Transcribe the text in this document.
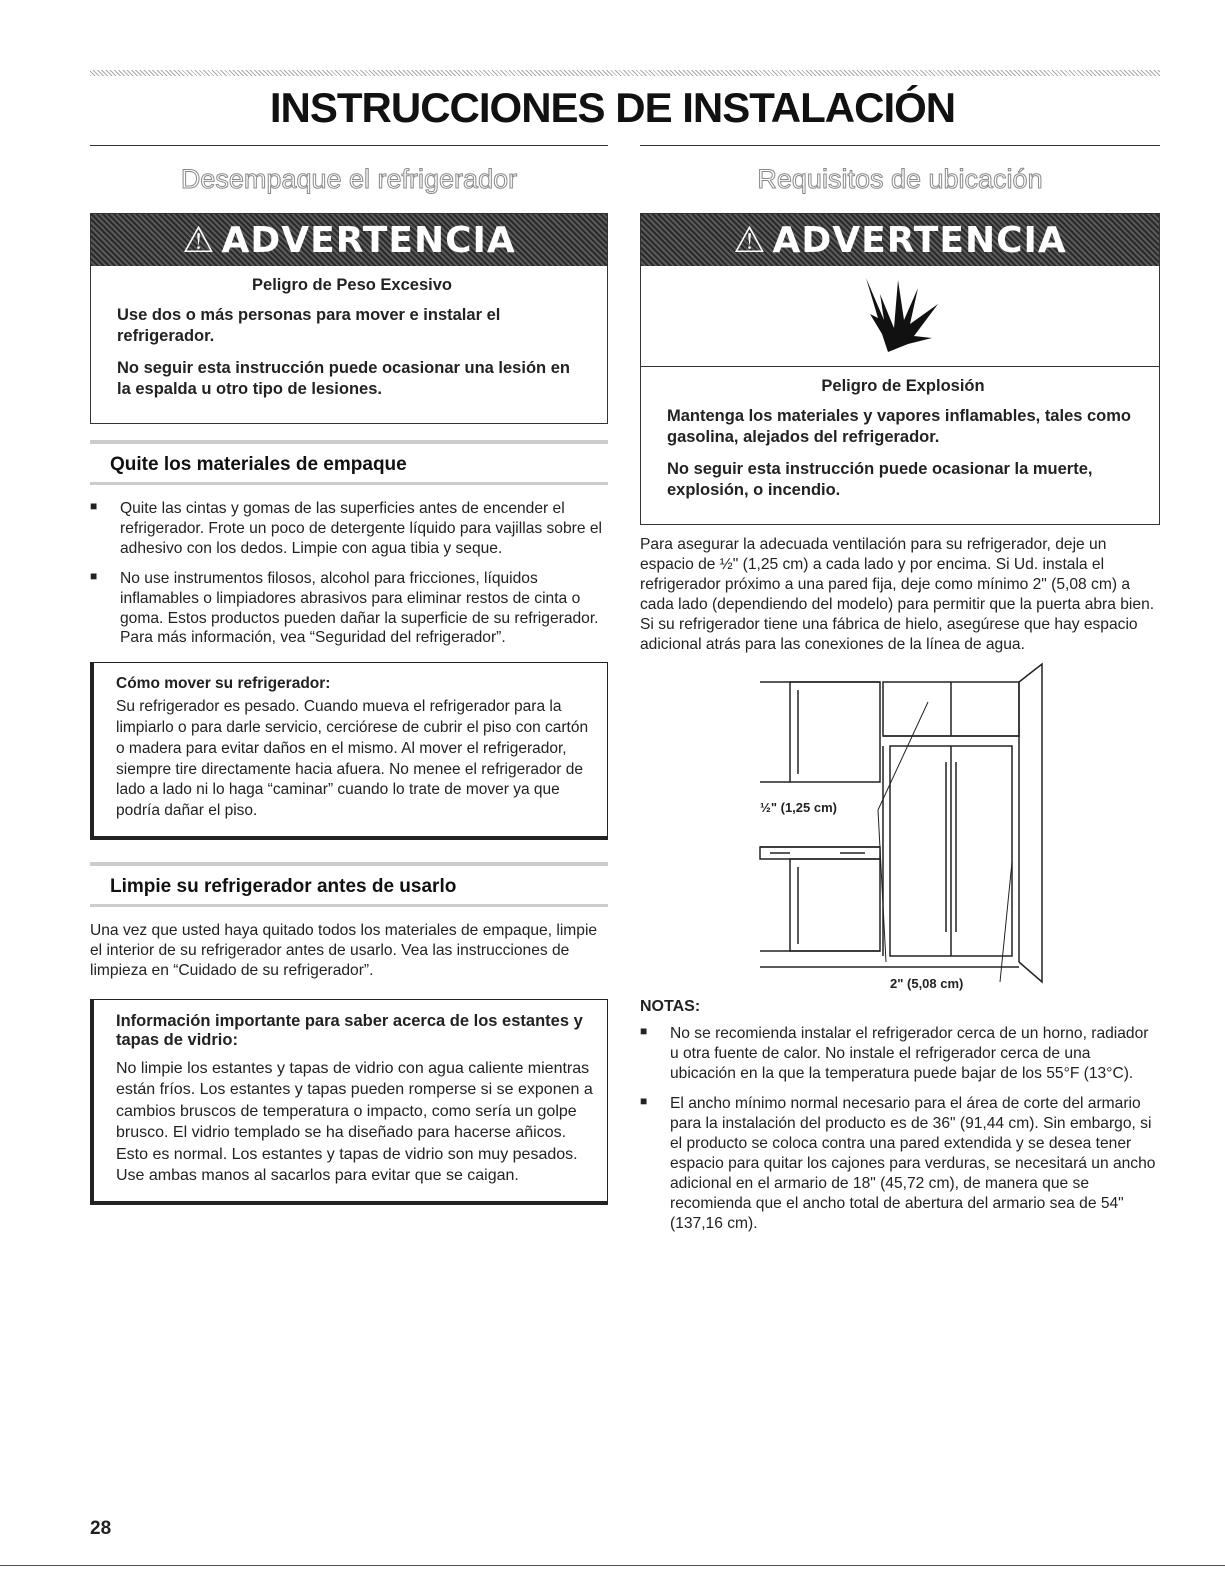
INSTRUCCIONES DE INSTALACIÓN
Desempaque el refrigerador
⚠ ADVERTENCIA
Peligro de Peso Excesivo

Use dos o más personas para mover e instalar el refrigerador.

No seguir esta instrucción puede ocasionar una lesión en la espalda u otro tipo de lesiones.

Quite los materiales de empaque
■ Quite las cintas y gomas de las superficies antes de encender el refrigerador. Frote un poco de detergente líquido para vajillas sobre el adhesivo con los dedos. Limpie con agua tibia y seque.
■ No use instrumentos filosos, alcohol para fricciones, líquidos inflamables o limpiadores abrasivos para eliminar restos de cinta o goma. Estos productos pueden dañar la superficie de su refrigerador. Para más información, vea “Seguridad del refrigerador”.
Cómo mover su refrigerador:
Su refrigerador es pesado. Cuando mueva el refrigerador para la limpiarlo o para darle servicio, cerciórese de cubrir el piso con cartón o madera para evitar daños en el mismo. Al mover el refrigerador, siempre tire directamente hacia afuera. No menee el refrigerador de lado a lado ni lo haga “caminar” cuando lo trate de mover ya que podría dañar el piso.
Limpie su refrigerador antes de usarlo

Una vez que usted haya quitado todos los materiales de empaque, limpie el interior de su refrigerador antes de usarlo. Vea las instrucciones de limpieza en “Cuidado de su refrigerador”.

Información importante para saber acerca de los estantes y tapas de vidrio:
No limpie los estantes y tapas de vidrio con agua caliente mientras están fríos. Los estantes y tapas pueden romperse si se exponen a cambios bruscos de temperatura o impacto, como sería un golpe brusco. El vidrio templado se ha diseñado para hacerse añicos. Esto es normal. Los estantes y tapas de vidrio son muy pesados. Use ambas manos al sacarlos para evitar que se caigan.
Requisitos de ubicación
⚠ ADVERTENCIA
Peligro de Explosión

Mantenga los materiales y vapores inflamables, tales como gasolina, alejados del refrigerador.

No seguir esta instrucción puede ocasionar la muerte, explosión, o incendio.

Para asegurar la adecuada ventilación para su refrigerador, deje un espacio de ½" (1,25 cm) a cada lado y por encima. Si Ud. instala el refrigerador próximo a una pared fija, deje como mínimo 2" (5,08 cm) a cada lado (dependiendo del modelo) para permitir que la puerta abra bien. Si su refrigerador tiene una fábrica de hielo, asegúrese que hay espacio adicional atrás para las conexiones de la línea de agua.

½" (1,25 cm)
2" (5,08 cm)
NOTAS:
■ No se recomienda instalar el refrigerador cerca de un horno, radiador u otra fuente de calor. No instale el refrigerador cerca de una ubicación en la que la temperatura puede bajar de los 55°F (13°C).
■ El ancho mínimo normal necesario para el área de corte del armario para la instalación del producto es de 36" (91,44 cm). Sin embargo, si el producto se coloca contra una pared extendida y se desea tener espacio para quitar los cajones para verduras, se necesitará un ancho adicional en el armario de 18" (45,72 cm), de manera que se recomienda que el ancho total de abertura del armario sea de 54" (137,16 cm).
28
